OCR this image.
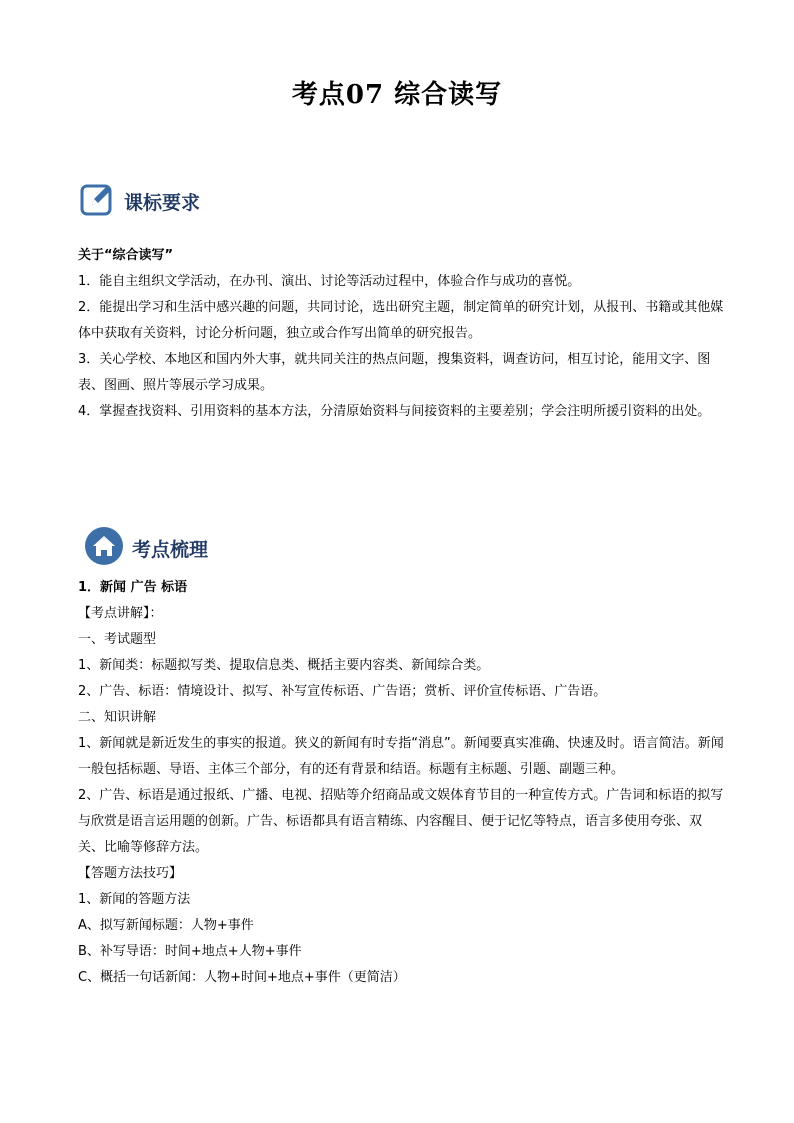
考点07 综合读写
课标要求

关于“综合读写”

1．能自主组织文学活动，在办刊、演出、讨论等活动过程中，体验合作与成功的喜悦。

2．能提出学习和生活中感兴趣的问题，共同讨论，选出研究主题，制定简单的研究计划，从报刊、书籍或其他媒体中获取有关资料，讨论分析问题，独立或合作写出简单的研究报告。

3．关心学校、本地区和国内外大事，就共同关注的热点问题，搜集资料，调查访问，相互讨论，能用文字、图表、图画、照片等展示学习成果。

4．掌握查找资料、引用资料的基本方法，分清原始资料与间接资料的主要差别；学会注明所援引资料的出处。

考点梳理

1．新闻 广告 标语

【考点讲解】：

一、考试题型

1、新闻类：标题拟写类、提取信息类、概括主要内容类、新闻综合类。

2、广告、标语：情境设计、拟写、补写宣传标语、广告语；赏析、评价宣传标语、广告语。

二、知识讲解

1、新闻就是新近发生的事实的报道。狭义的新闻有时专指“消息”。新闻要真实准确、快速及时。语言简洁。新闻一般包括标题、导语、主体三个部分，有的还有背景和结语。标题有主标题、引题、副题三种。

2、广告、标语是通过报纸、广播、电视、招贴等介绍商品或文娱体育节目的一种宣传方式。广告词和标语的拟写与欣赏是语言运用题的创新。广告、标语都具有语言精练、内容醒目、便于记忆等特点，语言多使用夸张、双关、比喻等修辞方法。

【答题方法技巧】

1、新闻的答题方法

A、拟写新闻标题：人物+事件

B、补写导语：时间+地点+人物+事件

C、概括一句话新闻：人物+时间+地点+事件（更简洁）
